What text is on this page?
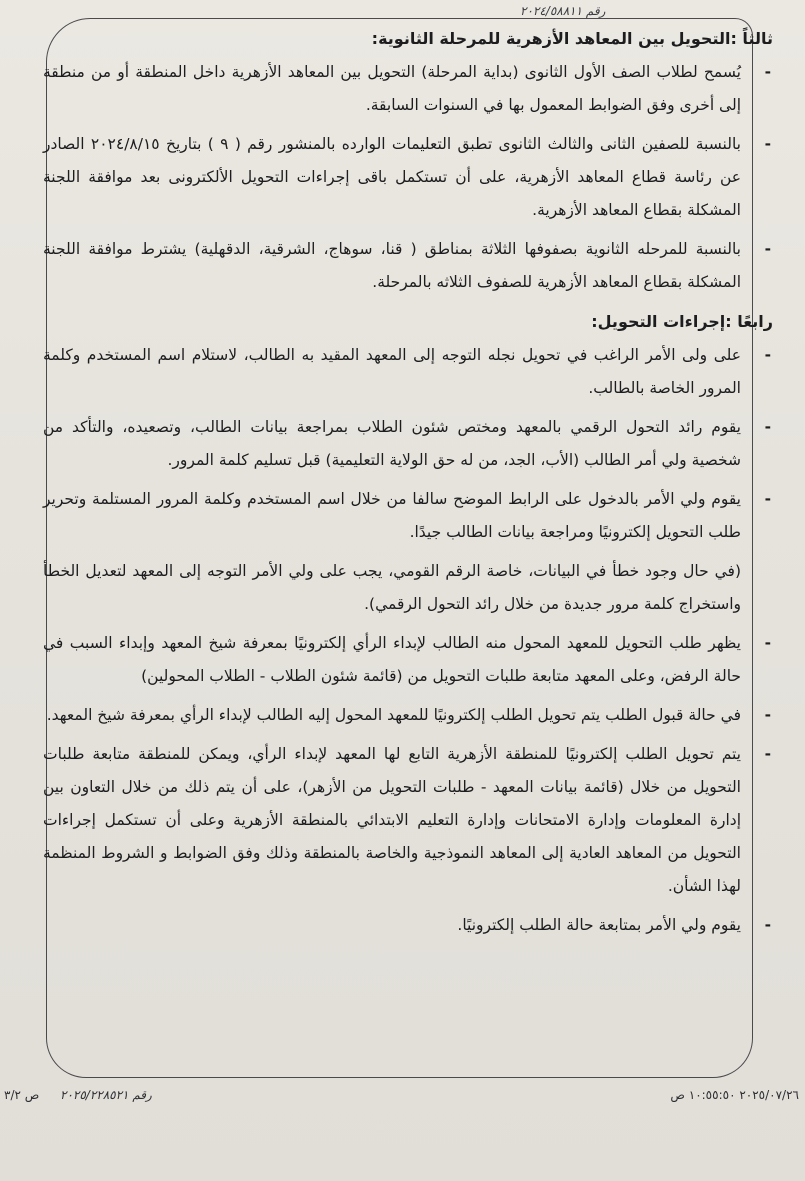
رقم ٢٠٢٤/٥٨٨١١

ثالثاً :التحويل بين المعاهد الأزهرية للمرحلة الثانوية:

-
يُسمح لطلاب الصف الأول الثانوى (بداية المرحلة) التحويل بين المعاهد الأزهرية داخل المنطقة أو من منطقة إلى أخرى وفق الضوابط المعمول بها في السنوات السابقة.
-
بالنسبة للصفين الثانى والثالث الثانوى تطبق التعليمات الوارده بالمنشور رقم ( ٩ ) بتاريخ ٢٠٢٤/٨/١٥ الصادر عن رئاسة قطاع المعاهد الأزهرية، على أن تستكمل باقى إجراءات التحويل الألكترونى بعد موافقة اللجنة المشكلة بقطاع المعاهد الأزهرية.
-
بالنسبة للمرحله الثانوية بصفوفها الثلاثة بمناطق ( قنا، سوهاج، الشرقية، الدقهلية) يشترط موافقة اللجنة المشكلة بقطاع المعاهد الأزهرية للصفوف الثلاثه بالمرحلة.

رابعًا :إجراءات التحويل:

-
على ولى الأمر الراغب في تحويل نجله التوجه إلى المعهد المقيد به الطالب، لاستلام اسم المستخدم وكلمة المرور الخاصة بالطالب.
-
يقوم رائد التحول الرقمي بالمعهد ومختص شئون الطلاب بمراجعة بيانات الطالب، وتصعيده، والتأكد من شخصية ولي أمر الطالب (الأب، الجد، من له حق الولاية التعليمية) قبل تسليم كلمة المرور.
-
يقوم ولي الأمر بالدخول على الرابط الموضح سالفا من خلال اسم المستخدم وكلمة المرور المستلمة وتحرير طلب التحويل إلكترونيًا ومراجعة بيانات الطالب جيدًا.
(في حال وجود خطأ في البيانات، خاصة الرقم القومي، يجب على ولي الأمر التوجه إلى المعهد لتعديل الخطأ واستخراج كلمة مرور جديدة من خلال رائد التحول الرقمي).
-
يظهر طلب التحويل للمعهد المحول منه الطالب لإبداء الرأي إلكترونيًا بمعرفة شيخ المعهد وإبداء السبب في حالة الرفض، وعلى المعهد متابعة طلبات التحويل من (قائمة شئون الطلاب - الطلاب المحولين)
-
في حالة قبول الطلب يتم تحويل الطلب إلكترونيًا للمعهد المحول إليه الطالب لإبداء الرأي بمعرفة شيخ المعهد.
-
يتم تحويل الطلب إلكترونيًا للمنطقة الأزهرية التابع لها المعهد لإبداء الرأي، ويمكن للمنطقة متابعة طلبات التحويل من خلال (قائمة بيانات المعهد - طلبات التحويل من الأزهر)، على أن يتم ذلك من خلال التعاون بين إدارة المعلومات وإدارة الامتحانات وإدارة التعليم الابتدائي بالمنطقة الأزهرية وعلى أن تستكمل إجراءات التحويل من المعاهد العادية إلى المعاهد النموذجية والخاصة بالمنطقة وذلك وفق الضوابط و الشروط المنظمة لهذا الشأن.
-
يقوم ولي الأمر بمتابعة حالة الطلب إلكترونيًا.
٢٠٢٥/٠٧/٢٦ ١٠:٥٥:٥٠ ص
رقم ٢٠٢٥/٢٢٨٥٢١
ص ٣/٢
